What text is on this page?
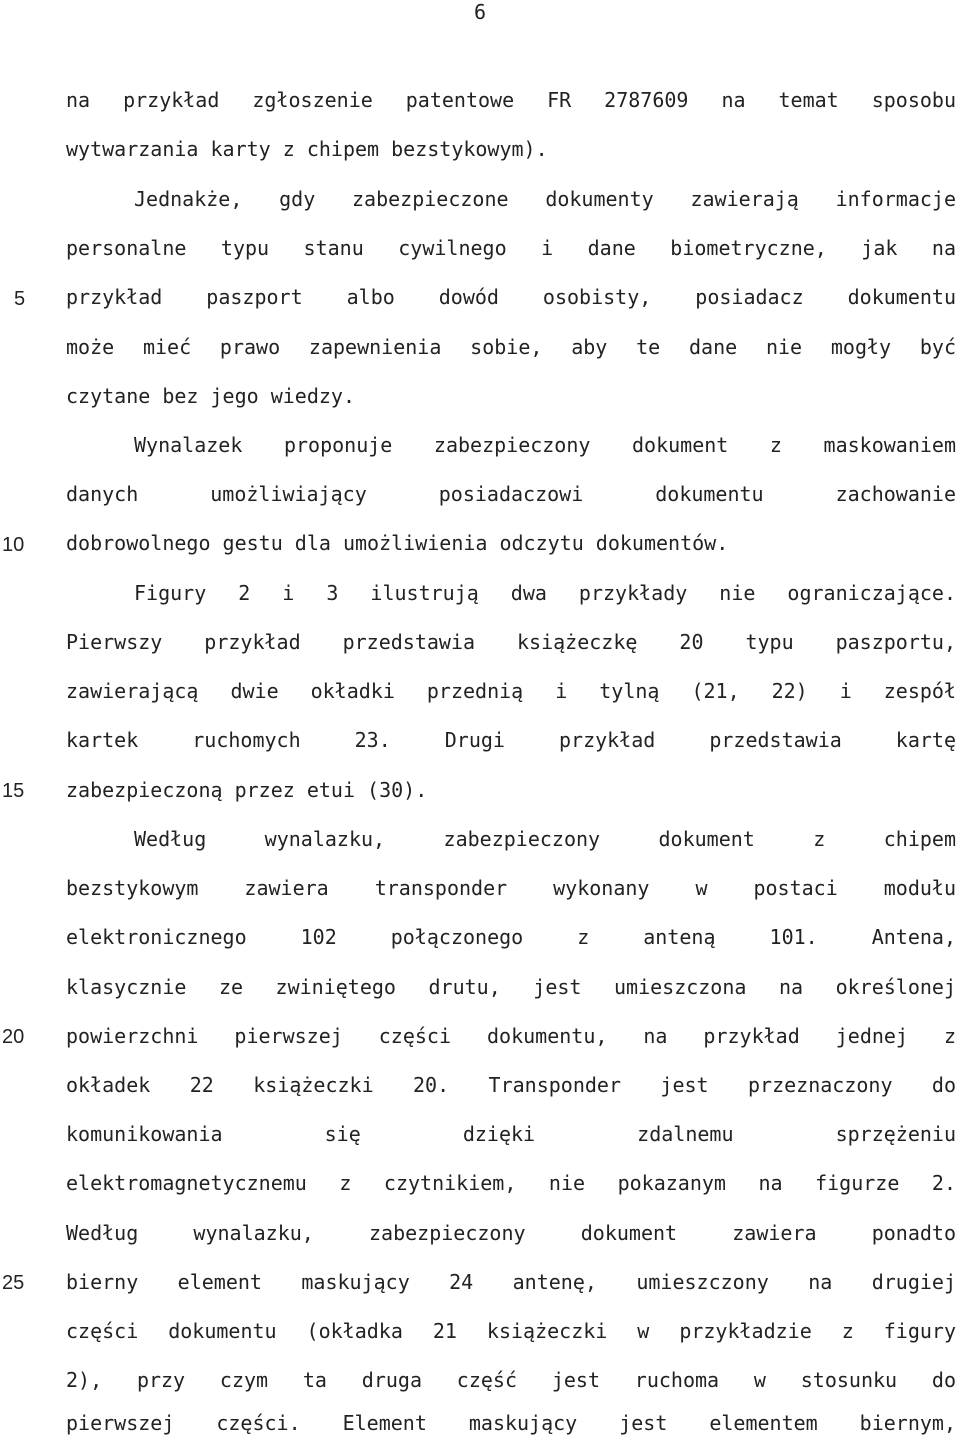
6
5
10
15
20
25
na przykład zgłoszenie patentowe FR 2787609 na temat sposobu
wytwarzania karty z chipem bezstykowym).
Jednakże, gdy zabezpieczone dokumenty zawierają informacje
personalne typu stanu cywilnego i dane biometryczne, jak na
przykład paszport albo dowód osobisty, posiadacz dokumentu
może mieć prawo zapewnienia sobie, aby te dane nie mogły być
czytane bez jego wiedzy.
Wynalazek proponuje zabezpieczony dokument z maskowaniem
danych umożliwiający posiadaczowi dokumentu zachowanie
dobrowolnego gestu dla umożliwienia odczytu dokumentów.
Figury 2 i 3 ilustrują dwa przykłady nie ograniczające.
Pierwszy przykład przedstawia książeczkę 20 typu paszportu,
zawierającą dwie okładki przednią i tylną (21, 22) i zespół
kartek ruchomych 23. Drugi przykład przedstawia kartę
zabezpieczoną przez etui (30).
Według wynalazku, zabezpieczony dokument z chipem
bezstykowym zawiera transponder wykonany w postaci modułu
elektronicznego 102 połączonego z anteną 101. Antena,
klasycznie ze zwiniętego drutu, jest umieszczona na określonej
powierzchni pierwszej części dokumentu, na przykład jednej z
okładek 22 książeczki 20. Transponder jest przeznaczony do
komunikowania się dzięki zdalnemu sprzężeniu
elektromagnetycznemu z czytnikiem, nie pokazanym na figurze 2.
Według wynalazku, zabezpieczony dokument zawiera ponadto
bierny element maskujący 24 antenę, umieszczony na drugiej
części dokumentu (okładka 21 książeczki w przykładzie z figury
2), przy czym ta druga część jest ruchoma w stosunku do
pierwszej części. Element maskujący jest elementem biernym,
